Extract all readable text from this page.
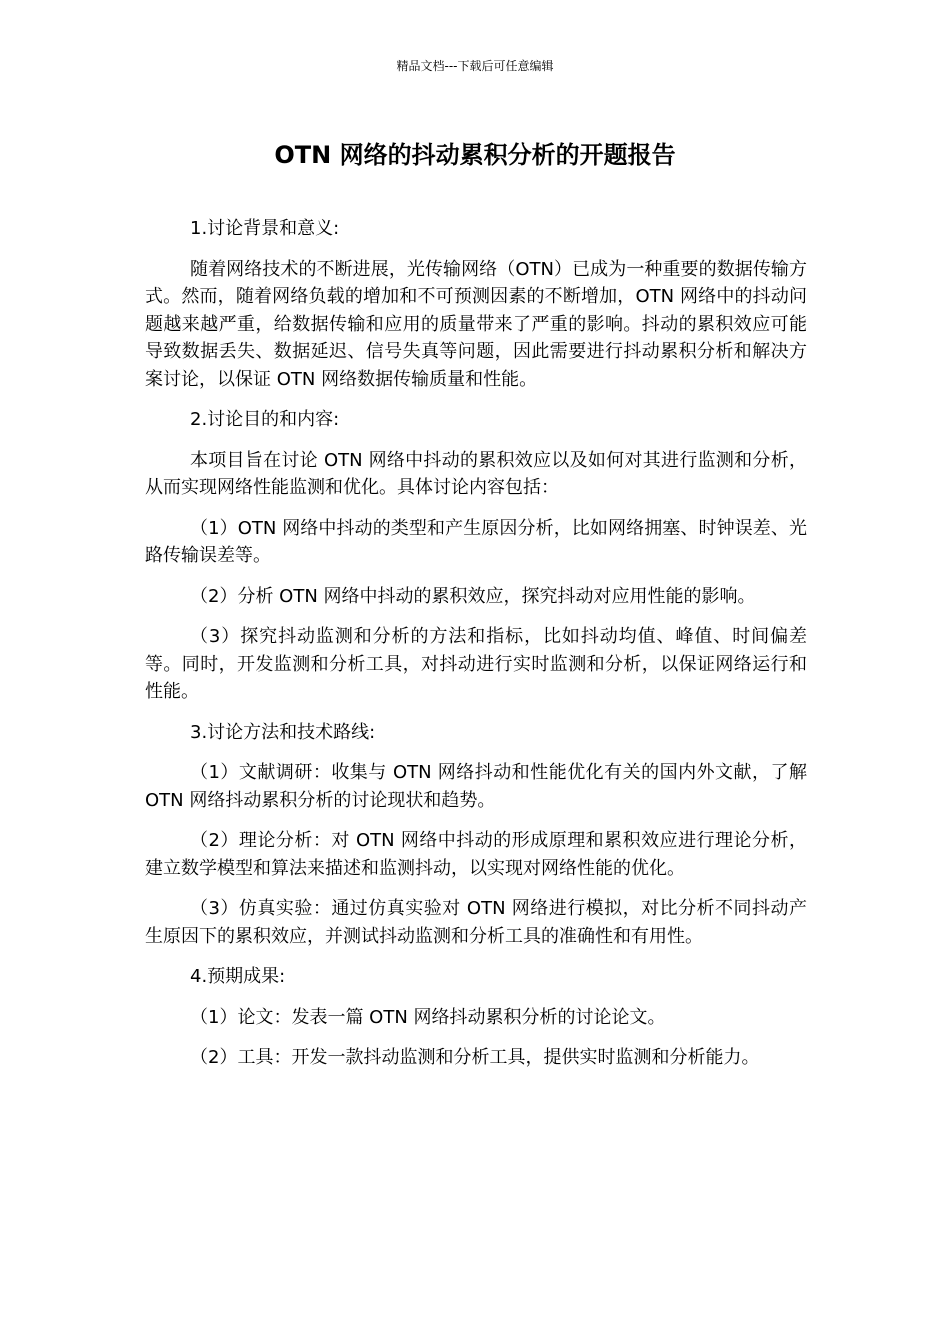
精品文档---下载后可任意编辑
OTN 网络的抖动累积分析的开题报告

1.讨论背景和意义:

随着网络技术的不断进展，光传输网络（OTN）已成为一种重要的数据传输方式。然而，随着网络负载的增加和不可预测因素的不断增加，OTN 网络中的抖动问题越来越严重，给数据传输和应用的质量带来了严重的影响。抖动的累积效应可能导致数据丢失、数据延迟、信号失真等问题，因此需要进行抖动累积分析和解决方案讨论，以保证 OTN 网络数据传输质量和性能。

2.讨论目的和内容:

本项目旨在讨论 OTN 网络中抖动的累积效应以及如何对其进行监测和分析，从而实现网络性能监测和优化。具体讨论内容包括：

（1）OTN 网络中抖动的类型和产生原因分析，比如网络拥塞、时钟误差、光路传输误差等。

（2）分析 OTN 网络中抖动的累积效应，探究抖动对应用性能的影响。

（3）探究抖动监测和分析的方法和指标，比如抖动均值、峰值、时间偏差等。同时，开发监测和分析工具，对抖动进行实时监测和分析，以保证网络运行和性能。

3.讨论方法和技术路线:

（1）文献调研：收集与 OTN 网络抖动和性能优化有关的国内外文献，了解 OTN 网络抖动累积分析的讨论现状和趋势。

（2）理论分析：对 OTN 网络中抖动的形成原理和累积效应进行理论分析，建立数学模型和算法来描述和监测抖动，以实现对网络性能的优化。

（3）仿真实验：通过仿真实验对 OTN 网络进行模拟，对比分析不同抖动产生原因下的累积效应，并测试抖动监测和分析工具的准确性和有用性。

4.预期成果:

（1）论文：发表一篇 OTN 网络抖动累积分析的讨论论文。

（2）工具：开发一款抖动监测和分析工具，提供实时监测和分析能力。
